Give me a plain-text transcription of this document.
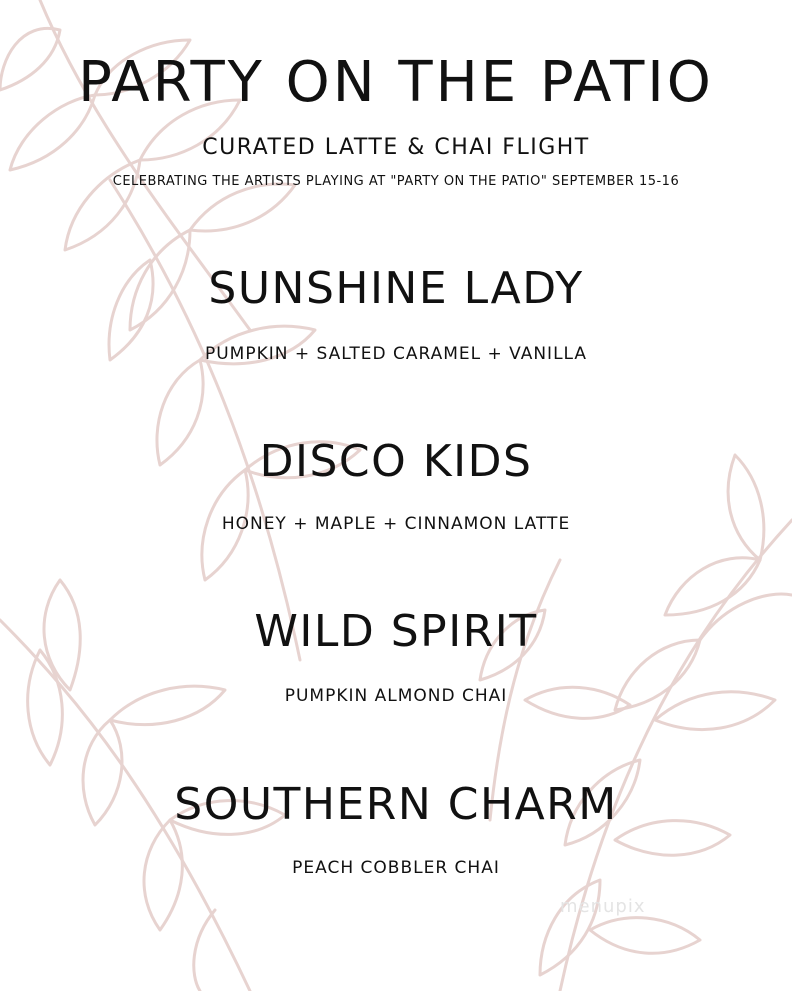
PARTY ON THE PATIO
CURATED LATTE & CHAI FLIGHT
CELEBRATING THE ARTISTS PLAYING AT "PARTY ON THE PATIO" SEPTEMBER 15-16
SUNSHINE LADY
PUMPKIN + SALTED CARAMEL + VANILLA
DISCO KIDS
HONEY + MAPLE + CINNAMON LATTE
WILD SPIRIT
PUMPKIN ALMOND CHAI
SOUTHERN CHARM
PEACH COBBLER CHAI
menupix
